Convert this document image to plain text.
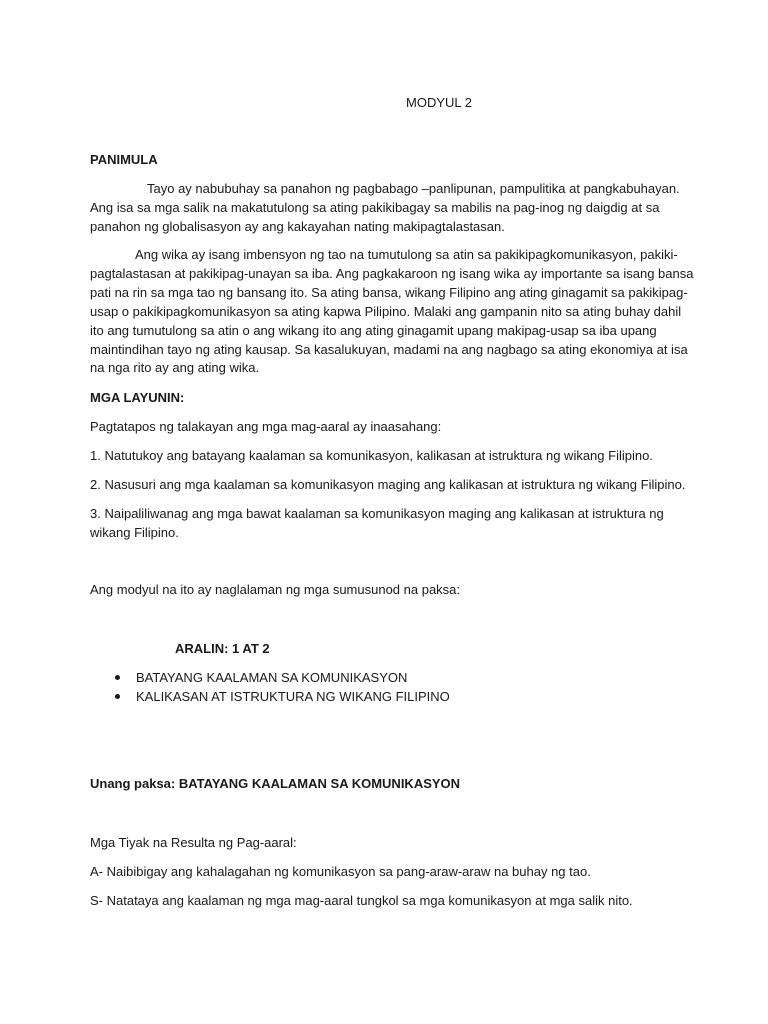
MODYUL 2
PANIMULA
Tayo ay nabubuhay sa panahon ng pagbabago –panlipunan, pampulitika at pangkabuhayan.
Ang isa sa mga salik na makatutulong sa ating pakikibagay sa mabilis na pag-inog ng daigdig at sa
panahon ng globalisasyon ay ang kakayahan nating makipagtalastasan.
Ang wika ay isang imbensyon ng tao na tumutulong sa atin sa pakikipagkomunikasyon, pakiki-
pagtalastasan at pakikipag-unayan sa iba. Ang pagkakaroon ng isang wika ay importante sa isang bansa
pati na rin sa mga tao ng bansang ito. Sa ating bansa, wikang Filipino ang ating ginagamit sa pakikipag-
usap o pakikipagkomunikasyon sa ating kapwa Pilipino. Malaki ang gampanin nito sa ating buhay dahil
ito ang tumutulong sa atin o ang wikang ito ang ating ginagamit upang makipag-usap sa iba upang
maintindihan tayo ng ating kausap. Sa kasalukuyan, madami na ang nagbago sa ating ekonomiya at isa
na nga rito ay ang ating wika.
MGA LAYUNIN:
Pagtatapos ng talakayan ang mga mag-aaral ay inaasahang:
1. Natutukoy ang batayang kaalaman sa komunikasyon, kalikasan at istruktura ng wikang Filipino.
2. Nasusuri ang mga kaalaman sa komunikasyon maging ang kalikasan at istruktura ng wikang Filipino.
3. Naipaliliwanag ang mga bawat kaalaman sa komunikasyon maging ang kalikasan at istruktura ng
wikang Filipino.
Ang modyul na ito ay naglalaman ng mga sumusunod na paksa:
ARALIN: 1 AT 2
BATAYANG KAALAMAN SA KOMUNIKASYON
KALIKASAN AT ISTRUKTURA NG WIKANG FILIPINO
Unang paksa: BATAYANG KAALAMAN SA KOMUNIKASYON
Mga Tiyak na Resulta ng Pag-aaral:
A- Naibibigay ang kahalagahan ng komunikasyon sa pang-araw-araw na buhay ng tao.
S- Natataya ang kaalaman ng mga mag-aaral tungkol sa mga komunikasyon at mga salik nito.
